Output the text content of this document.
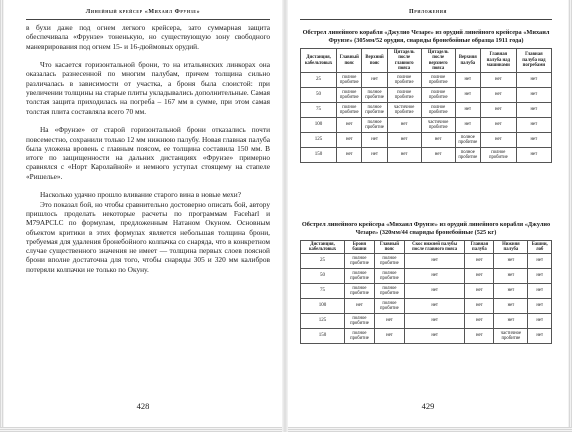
Линейный крейсер «Михаил Фрунзе»

в бухи даже под огнем легкого крейсера, зато суммарная защита обеспечивала «Фрунзе» тоненькую, но существующую зону свободного маневрирования под огнем 15- и 16-дюймовых орудий.

Что касается горизонтальной брони, то на итальянских линкорах она оказалась разнесенной по многим палубам, причем толщина сильно различалась в зависимости от участка, а броня была слоистой: при увеличении толщины на старые плиты укладывались дополнительные. Самая толстая защита приходилась на погреба – 167 мм в сумме, при этом самая толстая плита составляла всего 70 мм.

На «Фрунзе» от старой горизонтальной брони отказались почти повсеместно, сохранили только 12 мм нижнюю палубу. Новая главная палуба была уложена вровень с главным поясом, ее толщина составила 150 мм. В итоге по защищенности на дальних дистанциях «Фрунзе» примерно сравнялся с «Норт Каролайной» и немного уступал стоящему на стапеле «Ришелье».

Насколько удачно прошло вливание старого вина в новые мехи?

Это показал бой, но чтобы сравнительно достоверно описать бой, автору пришлось проделать некоторые расчеты по программам Faceharl и M79APCLC по формулам, предложенным Натаном Окуном. Основным объектом критики в этих формулах является небольшая толщина брони, требуемая для удаления бронебойного колпачка со снаряда, что в конкретном случае существенного значения не имеет — толщина первых слоев поясной брони вполне достаточна для того, чтобы снаряды 305 и 320 мм калибров потеряли колпачки не только по Окуну.

428
Приложения
Обстрел линейного корабля «Джулио Чезаре» из орудий линейного крейсера «Михаил Фрунзе» (305мм/52 орудия, снаряды бронебойные образца 1911 года)
Дистанция, кабельтовых	Главный пояс	Верхний пояс	Цитадель после главного пояса	Цитадель после верхнего пояса	Верхняя палуба	Главная палуба над машинами	Главная палуба над погребами
25	полное пробитие	нет	полное пробитие	полное пробитие	нет	нет	нет
50	полное пробитие	полное пробитие	полное пробитие	полное пробитие	нет	нет	нет
75	полное пробитие	полное пробитие	частичное пробитие	полное пробитие	нет	нет	нет
100	нет	полное пробитие	нет	частичное пробитие	нет	нет	нет
125	нет	нет	нет	нет	полное пробитие	нет	нет
150	нет	нет	нет	нет	полное пробитие	полное пробитие	нет
Обстрел линейного крейсера «Михаил Фрунзе» из орудий линейного корабля «Джулио Чезаре» (320мм/44 снаряды бронебойные (525 кг)
Дистанция, кабельтовых	Броня башни	Главный пояс	Скос нижней палубы после главного пояса	Главная палуба	Нижняя палуба	Башни, лоб
25	полное пробитие	полное пробитие	нет	нет	нет	нет
50	полное пробитие	полное пробитие	нет	нет	нет	нет
75	полное пробитие	полное пробитие	нет	нет	нет	нет
100	нет	полное пробитие	нет	нет	нет	нет
125	полное пробитие	нет	нет	нет	нет	нет
150	полное пробитие	нет	нет	нет	частичное пробитие	нет
429
